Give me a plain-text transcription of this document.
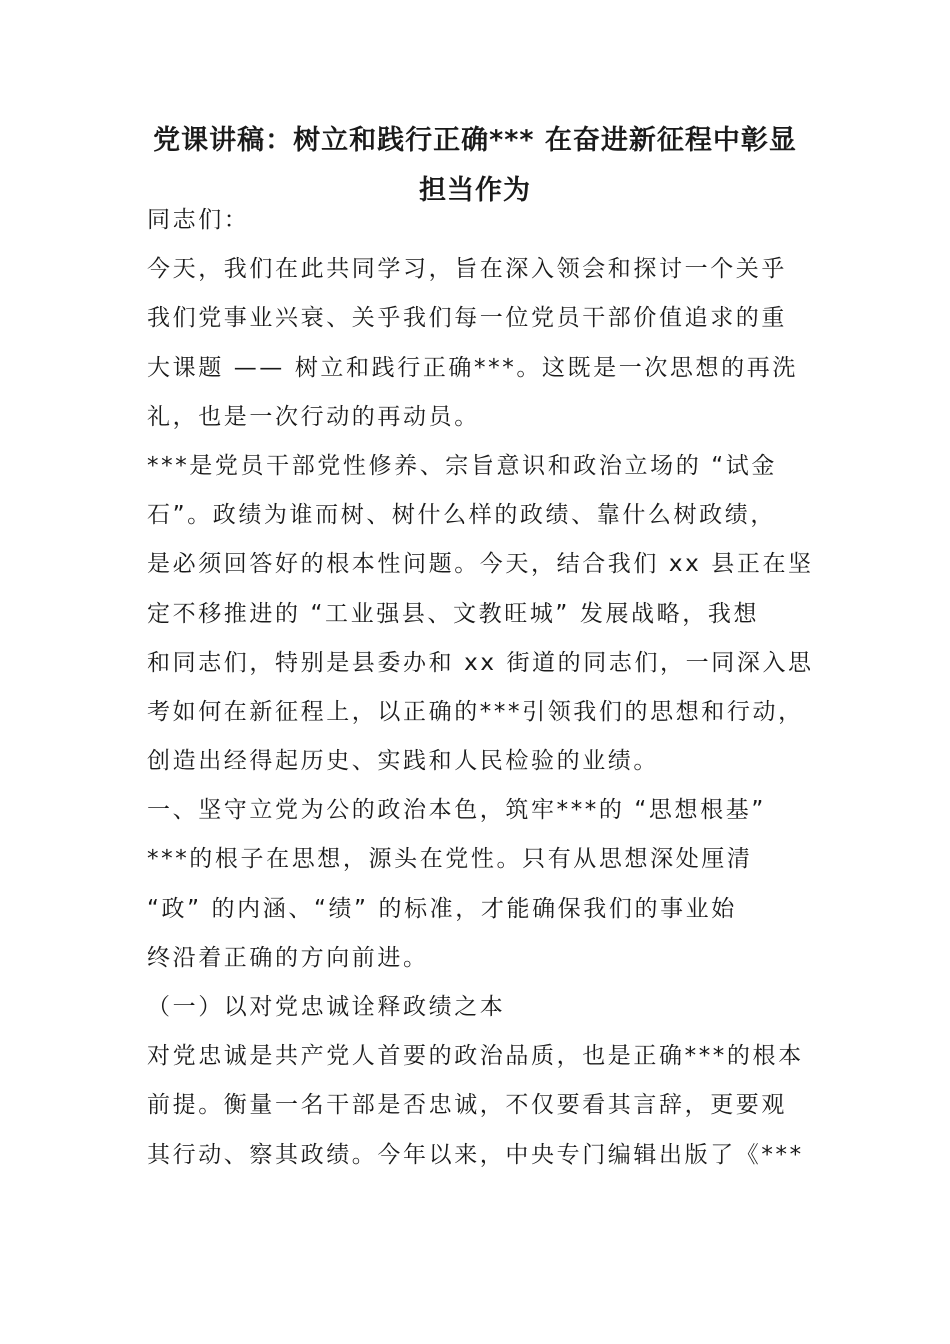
党课讲稿：树立和践行正确*** 在奋进新征程中彰显
担当作为
同志们：
今天，我们在此共同学习，旨在深入领会和探讨一个关乎
我们党事业兴衰、关乎我们每一位党员干部价值追求的重
大课题 —— 树立和践行正确***。这既是一次思想的再洗
礼，也是一次行动的再动员。
***是党员干部党性修养、宗旨意识和政治立场的 “试金
石”。政绩为谁而树、树什么样的政绩、靠什么树政绩，
是必须回答好的根本性问题。今天，结合我们 xx 县正在坚
定不移推进的 “工业强县、文教旺城” 发展战略，我想
和同志们，特别是县委办和 xx 街道的同志们，一同深入思
考如何在新征程上，以正确的***引领我们的思想和行动，
创造出经得起历史、实践和人民检验的业绩。
一、坚守立党为公的政治本色，筑牢***的 “思想根基”
***的根子在思想，源头在党性。只有从思想深处厘清
“政” 的内涵、“绩” 的标准，才能确保我们的事业始
终沿着正确的方向前进。
（一）以对党忠诚诠释政绩之本
对党忠诚是共产党人首要的政治品质，也是正确***的根本
前提。衡量一名干部是否忠诚，不仅要看其言辞，更要观
其行动、察其政绩。今年以来，中央专门编辑出版了《***
